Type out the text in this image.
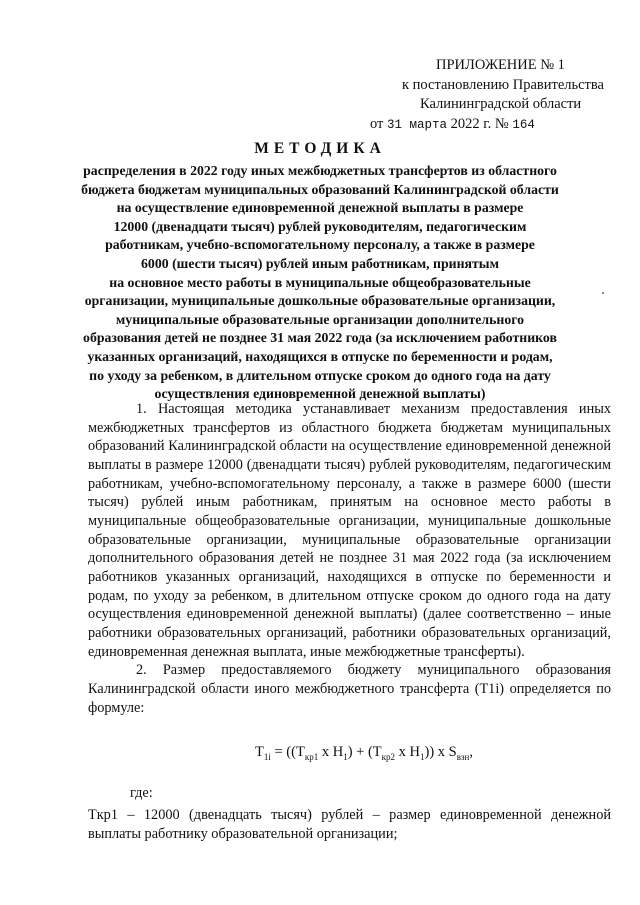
ПРИЛОЖЕНИЕ № 1
к постановлению Правительства
Калининградской области
от 31 марта 2022 г. № 164
МЕТОДИКА
распределения в 2022 году иных межбюджетных трансфертов из областного
бюджета бюджетам муниципальных образований Калининградской области
на осуществление единовременной денежной выплаты в размере
12000 (двенадцати тысяч) рублей руководителям, педагогическим
работникам, учебно-вспомогательному персоналу, а также в размере
6000 (шести тысяч) рублей иным работникам, принятым
на основное место работы в муниципальные общеобразовательные
организации, муниципальные дошкольные образовательные организации,
муниципальные образовательные организации дополнительного
образования детей не позднее 31 мая 2022 года (за исключением работников
указанных организаций, находящихся в отпуске по беременности и родам,
по уходу за ребенком, в длительном отпуске сроком до одного года на дату
осуществления единовременной денежной выплаты)

1. Настоящая методика устанавливает механизм предоставления иных межбюджетных трансфертов из областного бюджета бюджетам муниципальных образований Калининградской области на осуществление единовременной денежной выплаты в размере 12000 (двенадцати тысяч) рублей руководителям, педагогическим работникам, учебно-вспомогательному персоналу, а также в размере 6000 (шести тысяч) рублей иным работникам, принятым на основное место работы в муниципальные общеобразовательные организации, муниципальные дошкольные образовательные организации, муниципальные образовательные организации дополнительного образования детей не позднее 31 мая 2022 года (за исключением работников указанных организаций, находящихся в отпуске по беременности и родам, по уходу за ребенком, в длительном отпуске сроком до одного года на дату осуществления единовременной денежной выплаты) (далее соответственно – иные работники образовательных организаций, работники образовательных организаций, единовременная денежная выплата, иные межбюджетные трансферты).

2. Размер предоставляемого бюджету муниципального образования Калининградской области иного межбюджетного трансферта (T1i) определяется по формуле:

$T_{1i} = ((T_{кр1}$ x $H_1) + (T_{кр2}$ x $H_1$)) x $S_{взн}$,
где:
Tкр1 – 12000 (двенадцать тысяч) рублей – размер единовременной денежной выплаты работнику образовательной организации;
